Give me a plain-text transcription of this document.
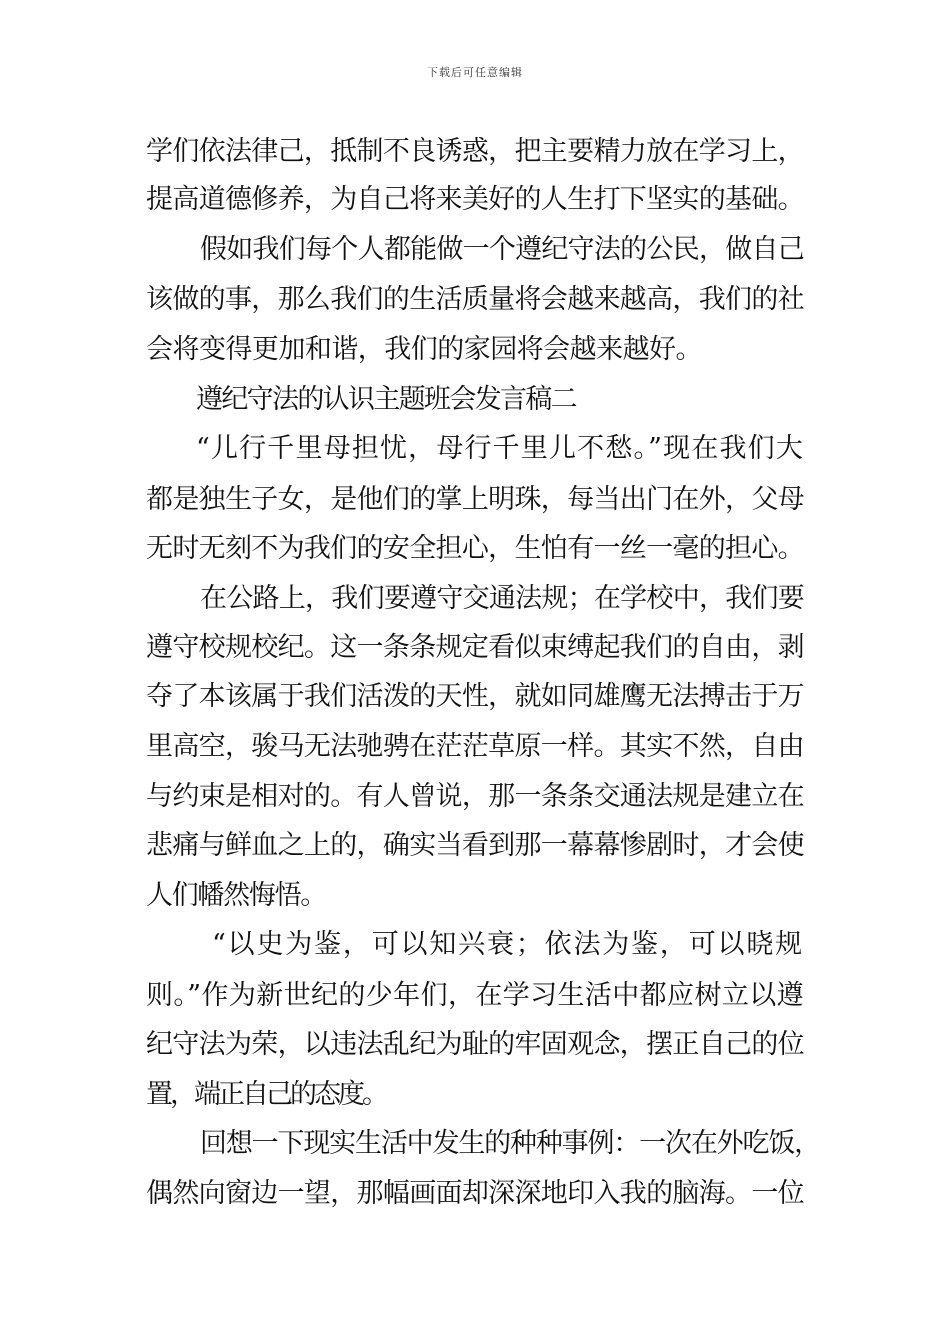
下载后可任意编辑
学们依法律己，抵制不良诱惑，把主要精力放在学习上，
提高道德修养，为自己将来美好的人生打下坚实的基础。
假如我们每个人都能做一个遵纪守法的公民，做自己
该做的事，那么我们的生活质量将会越来越高，我们的社
会将变得更加和谐，我们的家园将会越来越好。
遵纪守法的认识主题班会发言稿二
“儿行千里母担忧，母行千里儿不愁。”现在我们大
都是独生子女，是他们的掌上明珠，每当出门在外，父母
无时无刻不为我们的安全担心，生怕有一丝一毫的担心。
在公路上，我们要遵守交通法规；在学校中，我们要
遵守校规校纪。这一条条规定看似束缚起我们的自由，剥
夺了本该属于我们活泼的天性，就如同雄鹰无法搏击于万
里高空，骏马无法驰骋在茫茫草原一样。其实不然，自由
与约束是相对的。有人曾说，那一条条交通法规是建立在
悲痛与鲜血之上的，确实当看到那一幕幕惨剧时，才会使
人们幡然悔悟。
“以史为鉴，可以知兴衰；依法为鉴，可以晓规
则。”作为新世纪的少年们，在学习生活中都应树立以遵
纪守法为荣，以违法乱纪为耻的牢固观念，摆正自己的位
置，端正自己的态度。
回想一下现实生活中发生的种种事例：一次在外吃饭，
偶然向窗边一望，那幅画面却深深地印入我的脑海。一位
